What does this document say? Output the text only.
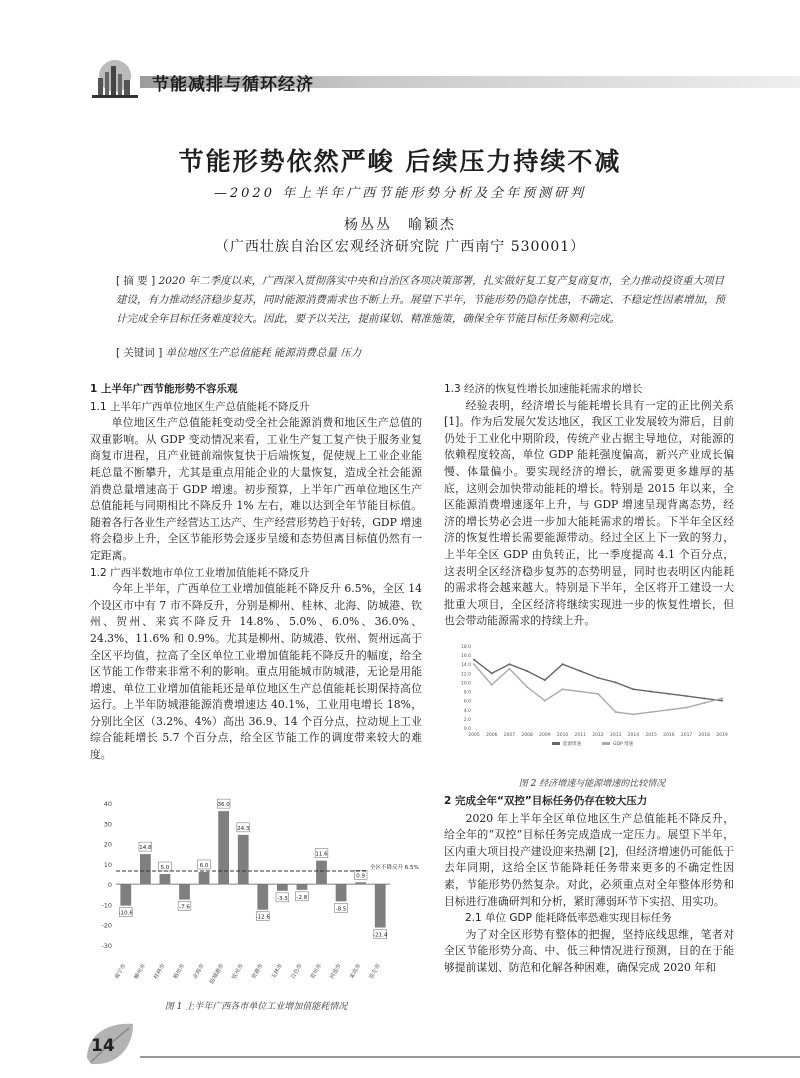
节能减排与循环经济
节能形势依然严峻 后续压力持续不减
—2020 年上半年广西节能形势分析及全年预测研判
杨丛丛　喻颖杰
（广西壮族自治区宏观经济研究院 广西南宁 530001）
[ 摘 要 ] 2020 年二季度以来，广西深入贯彻落实中央和自治区各项决策部署，扎实做好复工复产复商复市，全力推动投资重大项目建设，有力推动经济稳步复苏，同时能源消费需求也不断上升。展望下半年，节能形势仍隐存忧患，不确定、不稳定性因素增加，预计完成全年目标任务难度较大。因此，要予以关注，提前谋划、精准施策，确保全年节能目标任务顺利完成。
[ 关键词 ] 单位地区生产总值能耗 能源消费总量 压力
1 上半年广西节能形势不容乐观
1.1 上半年广西单位地区生产总值能耗不降反升

单位地区生产总值能耗变动受全社会能源消费和地区生产总值的双重影响。从 GDP 变动情况来看，工业生产复工复产快于服务业复商复市进程，且产业链前端恢复快于后端恢复，促使规上工业企业能耗总量不断攀升，尤其是重点用能企业的大量恢复，造成全社会能源消费总量增速高于 GDP 增速。初步预算，上半年广西单位地区生产总值能耗与同期相比不降反升 1% 左右，难以达到全年节能目标值。随着各行各业生产经营达工达产、生产经营形势趋于好转，GDP 增速将会稳步上升，全区节能形势会逐步呈缓和态势但离目标值仍然有一定距离。

1.2 广西半数地市单位工业增加值能耗不降反升

今年上半年，广西单位工业增加值能耗不降反升 6.5%，全区 14 个设区市中有 7 市不降反升，分别是柳州、桂林、北海、防城港、钦州、贺州、来宾不降反升 14.8%、5.0%、6.0%、36.0%、24.3%、11.6% 和 0.9%。尤其是柳州、防城港、钦州、贺州远高于全区平均值，拉高了全区单位工业增加值能耗不降反升的幅度，给全区节能工作带来非常不利的影响。重点用能城市防城港，无论是用能增速、单位工业增加值能耗还是单位地区生产总值能耗长期保持高位运行。上半年防城港能源消费增速达 40.1%，工业用电增长 18%，分别比全区（3.2%、4%）高出 36.9、14 个百分点，拉动规上工业综合能耗增长 5.7 个百分点，给全区节能工作的调度带来较大的难度。

40
30
20
10
0
-10
-20
-30
-10.6
南宁市
14.8
柳州市
5.0
桂林市
-7.6
梧州市
6.0
北海市
36.0
防城港市
24.3
钦州市
-12.6
贵港市
-3.3
玉林市
-2.8
百色市
11.6
贺州市
-8.5
河池市
0.9
来宾市
-21.4
崇左市
全区不降反升 6.5%
图 1 上半年广西各市单位工业增加值能耗情况
1.3 经济的恢复性增长加速能耗需求的增长

经验表明，经济增长与能耗增长具有一定的正比例关系 [1]。作为后发展欠发达地区，我区工业发展较为滞后，目前仍处于工业化中期阶段，传统产业占据主导地位，对能源的依赖程度较高，单位 GDP 能耗强度偏高，新兴产业成长偏慢、体量偏小。要实现经济的增长，就需要更多雄厚的基底，这则会加快带动能耗的增长。特别是 2015 年以来，全区能源消费增速逐年上升，与 GDP 增速呈现背离态势，经济的增长势必会进一步加大能耗需求的增长。下半年全区经济的恢复性增长需要能源带动。经过全区上下一致的努力，上半年全区 GDP 由负转正，比一季度提高 4.1 个百分点，这表明全区经济稳步复苏的态势明显，同时也表明区内能耗的需求将会越来越大。特别是下半年，全区将开工建设一大批重大项目，全区经济将继续实现进一步的恢复性增长，但也会带动能源需求的持续上升。

18.0
16.0
14.0
12.0
10.0
8.0
6.0
4.0
2.0
0.0
2005 2006 2007 2008 2009 2010 2011 2012 2013 2014 2015 2016 2017 2018 2019
能源增速	GDP 增速
图 2 经济增速与能源增速的比较情况
2 完成全年“双控”目标任务仍存在较大压力

2020 年上半年全区单位地区生产总值能耗不降反升，给全年的“双控”目标任务完成造成一定压力。展望下半年，区内重大项目投产建设迎来热潮 [2]，但经济增速仍可能低于去年同期，这给全区节能降耗任务带来更多的不确定性因素，节能形势仍然复杂。对此，必须重点对全年整体形势和目标进行准确研判和分析，紧盯薄弱环节下实招、用实功。

2.1 单位 GDP 能耗降低率恐难实现目标任务

为了对全区形势有整体的把握，坚持底线思维，笔者对全区节能形势分高、中、低三种情况进行预测，目的在于能够提前谋划、防范和化解各种困难，确保完成 2020 年和

14
